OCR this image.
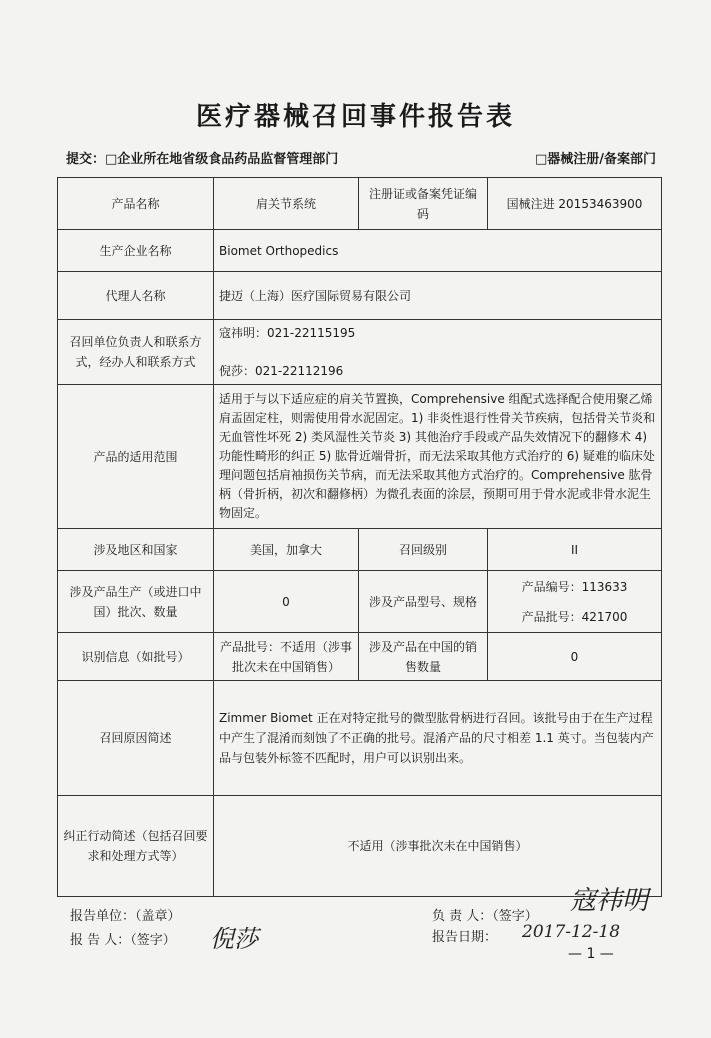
医疗器械召回事件报告表
提交：□企业所在地省级食品药品监督管理部门	□器械注册/备案部门
产品名称	肩关节系统	注册证或备案凭证编码	国械注进 20153463900
生产企业名称	Biomet Orthopedics		
代理人名称	捷迈（上海）医疗国际贸易有限公司		
召回单位负责人和联系方式，经办人和联系方式	寇祎明：021-22115195
倪莎：021-22112196		

产品的适用范围	适用于与以下适应症的肩关节置换，Comprehensive 组配式选择配合使用聚乙烯肩盂固定柱，则需使用骨水泥固定。1) 非炎性退行性骨关节疾病，包括骨关节炎和无血管性坏死 2) 类风湿性关节炎 3) 其他治疗手段或产品失效情况下的翻修术 4) 功能性畸形的纠正 5) 肱骨近端骨折，而无法采取其他方式治疗的 6) 疑难的临床处理问题包括肩袖损伤关节病，而无法采取其他方式治疗的。Comprehensive 肱骨柄（骨折柄，初次和翻修柄）为微孔表面的涂层，预期可用于骨水泥或非骨水泥生物固定。		
涉及地区和国家	美国，加拿大	召回级别	II
涉及产品生产（或进口中国）批次、数量	0	涉及产品型号、规格	产品编号：113633
产品批号：421700

识别信息（如批号）	产品批号：不适用（涉事批次未在中国销售）	涉及产品在中国的销售数量	0
召回原因简述	Zimmer Biomet 正在对特定批号的微型肱骨柄进行召回。该批号由于在生产过程中产生了混淆而刻蚀了不正确的批号。混淆产品的尺寸相差 1.1 英寸。当包装内产品与包装外标签不匹配时，用户可以识别出来。		
纠正行动简述（包括召回要求和处理方式等）	不适用（涉事批次未在中国销售）		
报告单位：（盖章）
报 告 人：（签字） 倪莎
负 责 人：（签字）
寇祎明
报告日期： 2017-12-18
— 1 —
